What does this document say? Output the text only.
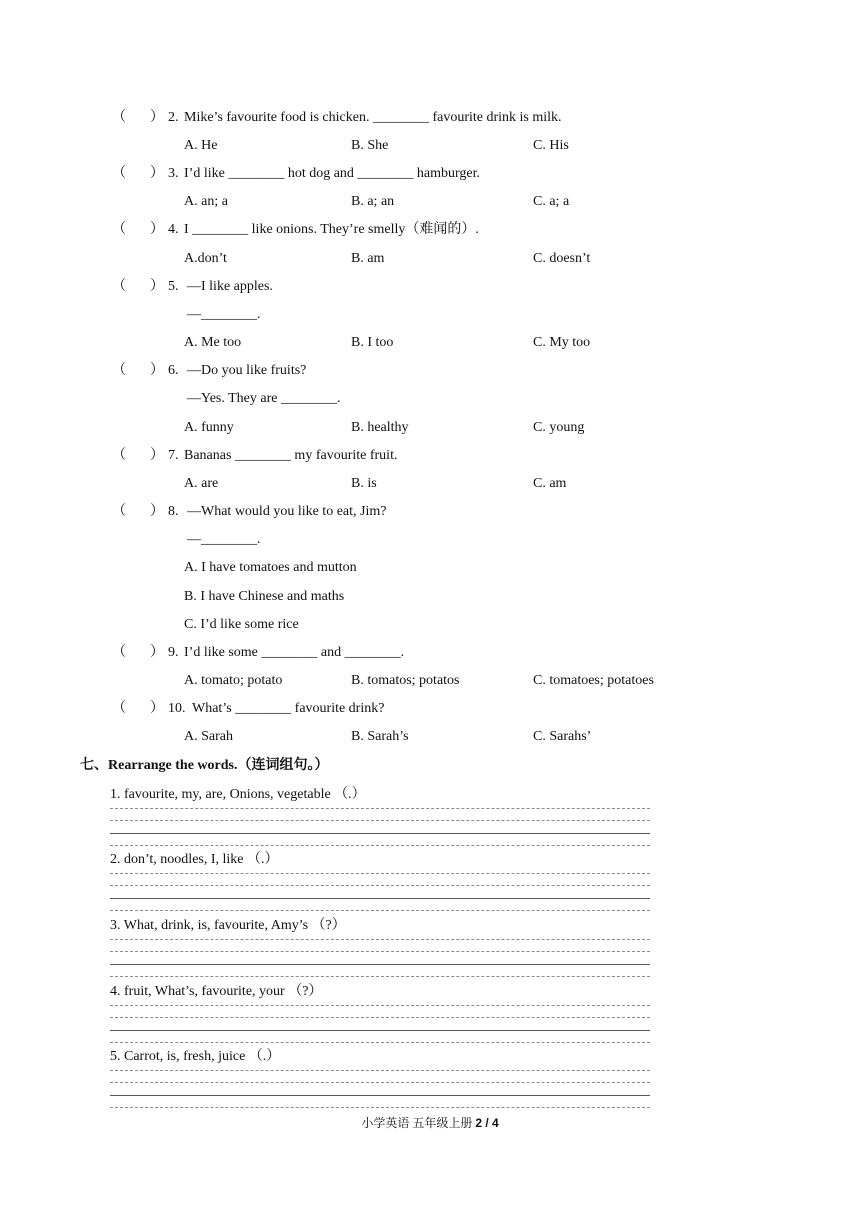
（ ） 2. Mike’s favourite food is chicken. ________ favourite drink is milk.
A. He	B. She	C. His
（ ） 3. I’d like ________ hot dog and ________ hamburger.
A. an; a	B. a; an	C. a; a
（ ） 4. I ________ like onions. They’re smelly（难闻的）.
A.don’t	B. am	C. doesn’t
（ ） 5. —I like apples.
—________.
A. Me too	B. I too	C. My too
（ ） 6. —Do you like fruits?
—Yes. They are ________.
A. funny	B. healthy	C. young
（ ） 7. Bananas ________ my favourite fruit.
A. are	B. is	C. am
（ ） 8. —What would you like to eat, Jim?
—________.
A. I have tomatoes and mutton
B. I have Chinese and maths
C. I’d like some rice
（ ） 9. I’d like some ________ and ________.
A. tomato; potato	B. tomatos; potatos	C. tomatoes; potatoes
（ ） 10. What’s ________ favourite drink?
A. Sarah	B. Sarah’s	C. Sarahs’
七、Rearrange the words.（连词组句。）
1. favourite, my, are, Onions, vegetable （.）
2. don’t, noodles, I, like （.）
3. What, drink, is, favourite, Amy’s （?）
4. fruit, What’s, favourite, your （?）
5. Carrot, is, fresh, juice （.）
小学英语 五年级上册 2 / 4
